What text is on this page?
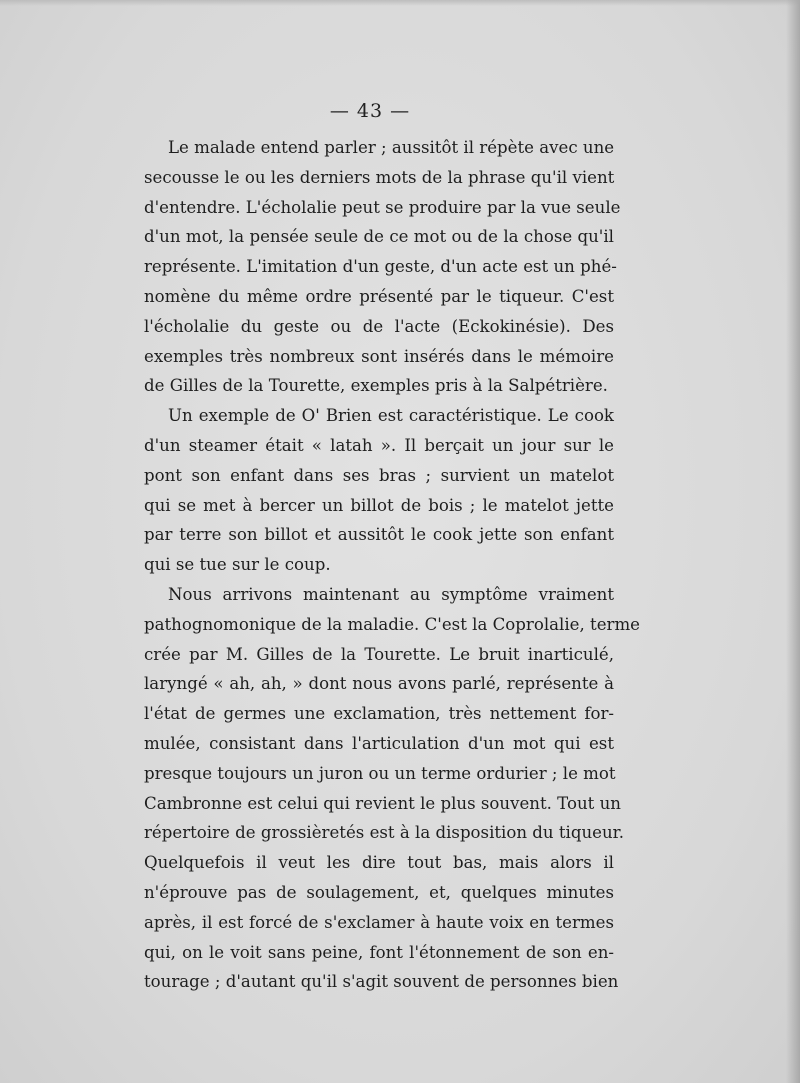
— 43 —
Le malade entend parler ; aussitôt il répète avec une
secousse le ou les derniers mots de la phrase qu'il vient
d'entendre. L'écholalie peut se produire par la vue seule
d'un mot, la pensée seule de ce mot ou de la chose qu'il
représente. L'imitation d'un geste, d'un acte est un phé-
nomène du même ordre présenté par le tiqueur. C'est
l'écholalie du geste ou de l'acte (Eckokinésie). Des
exemples très nombreux sont insérés dans le mémoire
de Gilles de la Tourette, exemples pris à la Salpétrière.
Un exemple de O' Brien est caractéristique. Le cook
d'un steamer était « latah ». Il berçait un jour sur le
pont son enfant dans ses bras ; survient un matelot
qui se met à bercer un billot de bois ; le matelot jette
par terre son billot et aussitôt le cook jette son enfant
qui se tue sur le coup.
Nous arrivons maintenant au symptôme vraiment
pathognomonique de la maladie. C'est la Coprolalie, terme
crée par M. Gilles de la Tourette. Le bruit inarticulé,
laryngé « ah, ah, » dont nous avons parlé, représente à
l'état de germes une exclamation, très nettement for-
mulée, consistant dans l'articulation d'un mot qui est
presque toujours un juron ou un terme ordurier ; le mot
Cambronne est celui qui revient le plus souvent. Tout un
répertoire de grossièretés est à la disposition du tiqueur.
Quelquefois il veut les dire tout bas, mais alors il
n'éprouve pas de soulagement, et, quelques minutes
après, il est forcé de s'exclamer à haute voix en termes
qui, on le voit sans peine, font l'étonnement de son en-
tourage ; d'autant qu'il s'agit souvent de personnes bien
